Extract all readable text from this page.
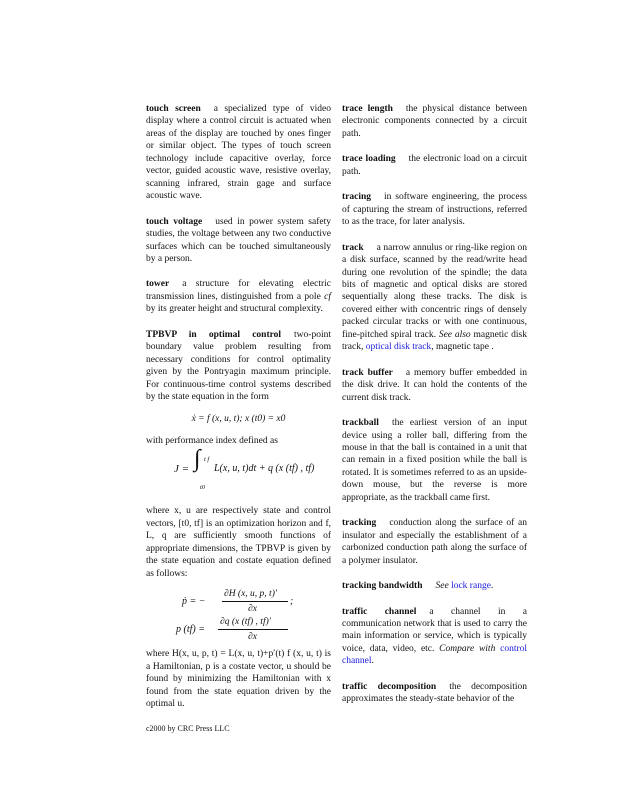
touch screen a specialized type of video display where a control circuit is actuated when areas of the display are touched by ones finger or similar object. The types of touch screen technology include capacitive overlay, force vector, guided acoustic wave, resistive overlay, scanning infrared, strain gage and surface acoustic wave.

touch voltage used in power system safety studies, the voltage between any two conductive surfaces which can be touched simultaneously by a person.

tower a structure for elevating electric transmission lines, distinguished from a pole cf by its greater height and structural complexity.

TPBVP in optimal control two-point boundary value problem resulting from necessary conditions for control optimality given by the Pontryagin maximum principle. For continuous-time control systems described by the state equation in the form
ẋ = f (x, u, t); x (t0) = x0
with performance index defined as
J = ∫ t f
t0
L(x, u, t)dt + q (x (tf) , tf)
where x, u are respectively state and control vectors, [t0, tf] is an optimization horizon and f, L, q are sufficiently smooth functions of appropriate dimensions, the TPBVP is given by the state equation and costate equation defined as follows:
ṗ = −
∂H (x, u, p, t)′
∂x
;
p (tf) =
∂q (x (tf) , tf)′
∂x
where H(x, u, p, t) = L(x, u, t)+p′(t) f (x, u, t) is a Hamiltonian, p is a costate vector, u should be found by minimizing the Hamiltonian with x found from the state equation driven by the optimal u.

trace length the physical distance between electronic components connected by a circuit path.

trace loading the electronic load on a circuit path.

tracing in software engineering, the process of capturing the stream of instructions, referred to as the trace, for later analysis.

track a narrow annulus or ring-like region on a disk surface, scanned by the read/write head during one revolution of the spindle; the data bits of magnetic and optical disks are stored sequentially along these tracks. The disk is covered either with concentric rings of densely packed circular tracks or with one continuous, fine-pitched spiral track. See also magnetic disk track, optical disk track, magnetic tape .

track buffer a memory buffer embedded in the disk drive. It can hold the contents of the current disk track.

trackball the earliest version of an input device using a roller ball, differing from the mouse in that the ball is contained in a unit that can remain in a fixed position while the ball is rotated. It is sometimes referred to as an upside-down mouse, but the reverse is more appropriate, as the trackball came first.

tracking conduction along the surface of an insulator and especially the establishment of a carbonized conduction path along the surface of a polymer insulator.

tracking bandwidth See lock range.

traffic channel a channel in a communication network that is used to carry the main information or service, which is typically voice, data, video, etc. Compare with control channel.

traffic decomposition the decomposition approximates the steady-state behavior of the

c2000 by CRC Press LLC
